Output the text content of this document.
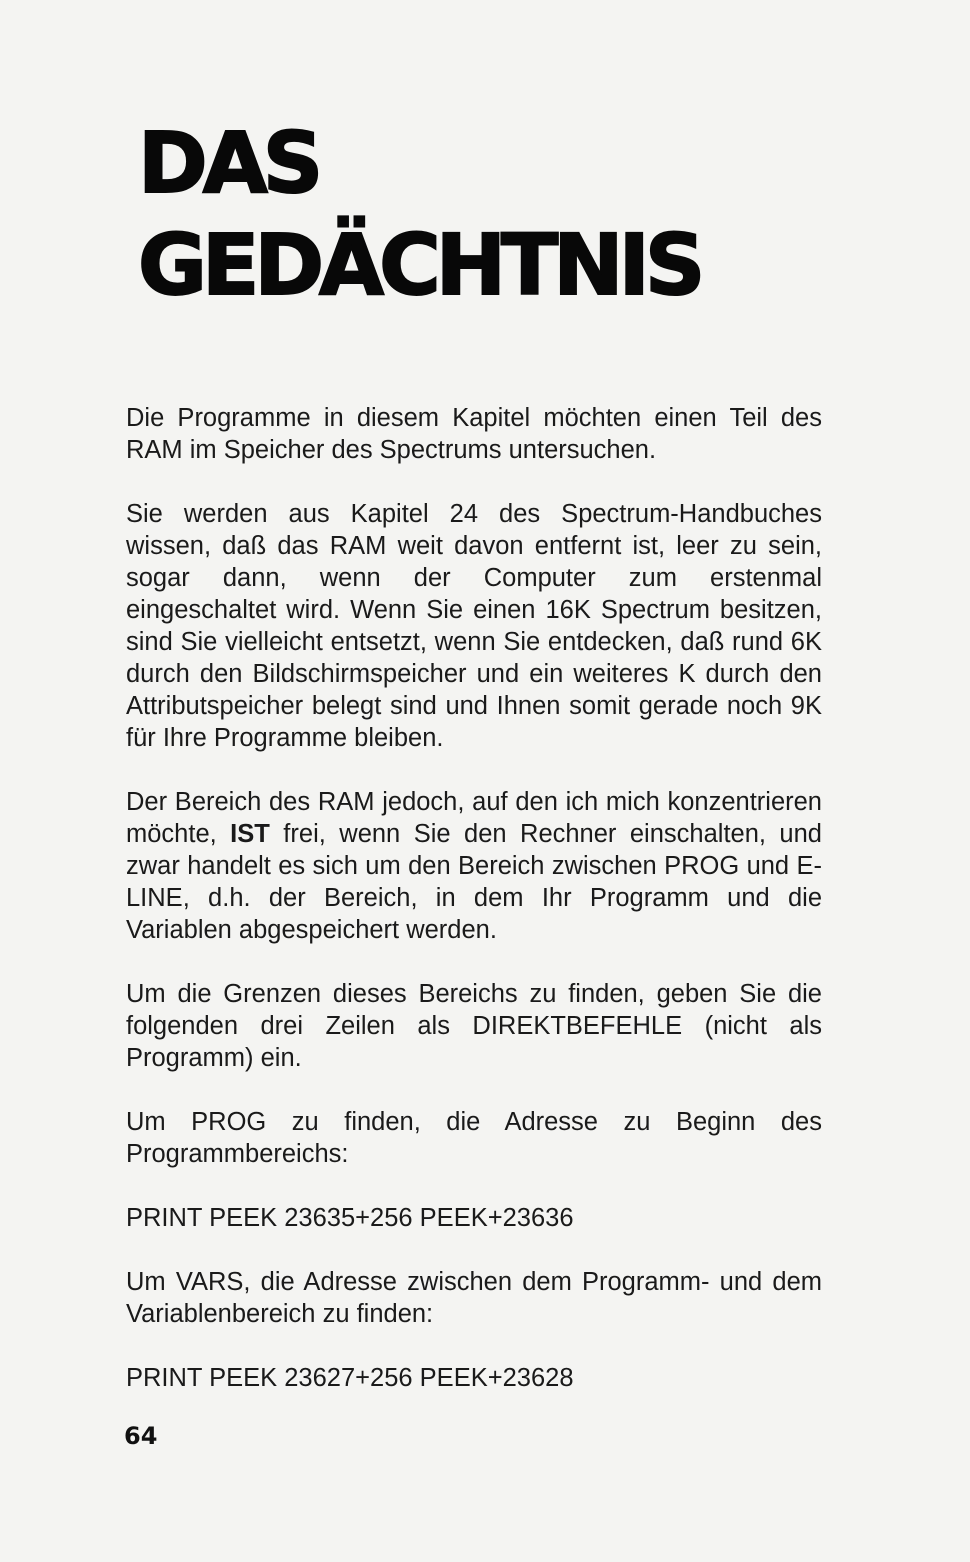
DAS
GEDÄCHTNIS

Die Programme in diesem Kapitel möchten einen Teil des RAM im Speicher des Spectrums untersuchen.

Sie werden aus Kapitel 24 des Spectrum-Handbuches wissen, daß das RAM weit davon entfernt ist, leer zu sein, sogar dann, wenn der Computer zum erstenmal eingeschaltet wird. Wenn Sie einen 16K Spectrum besitzen, sind Sie vielleicht entsetzt, wenn Sie entdecken, daß rund 6K durch den Bildschirmspeicher und ein weiteres K durch den Attributspeicher belegt sind und Ihnen somit gerade noch 9K für Ihre Programme bleiben.

Der Bereich des RAM jedoch, auf den ich mich konzentrieren möchte, IST frei, wenn Sie den Rechner einschalten, und zwar handelt es sich um den Bereich zwischen PROG und E-LINE, d.h. der Bereich, in dem Ihr Programm und die Variablen abgespeichert werden.

Um die Grenzen dieses Bereichs zu finden, geben Sie die folgenden drei Zeilen als DIREKTBEFEHLE (nicht als Programm) ein.

Um PROG zu finden, die Adresse zu Beginn des Programmbereichs:

PRINT PEEK 23635+256 PEEK+23636

Um VARS, die Adresse zwischen dem Programm- und dem Variablenbereich zu finden:

PRINT PEEK 23627+256 PEEK+23628

64
